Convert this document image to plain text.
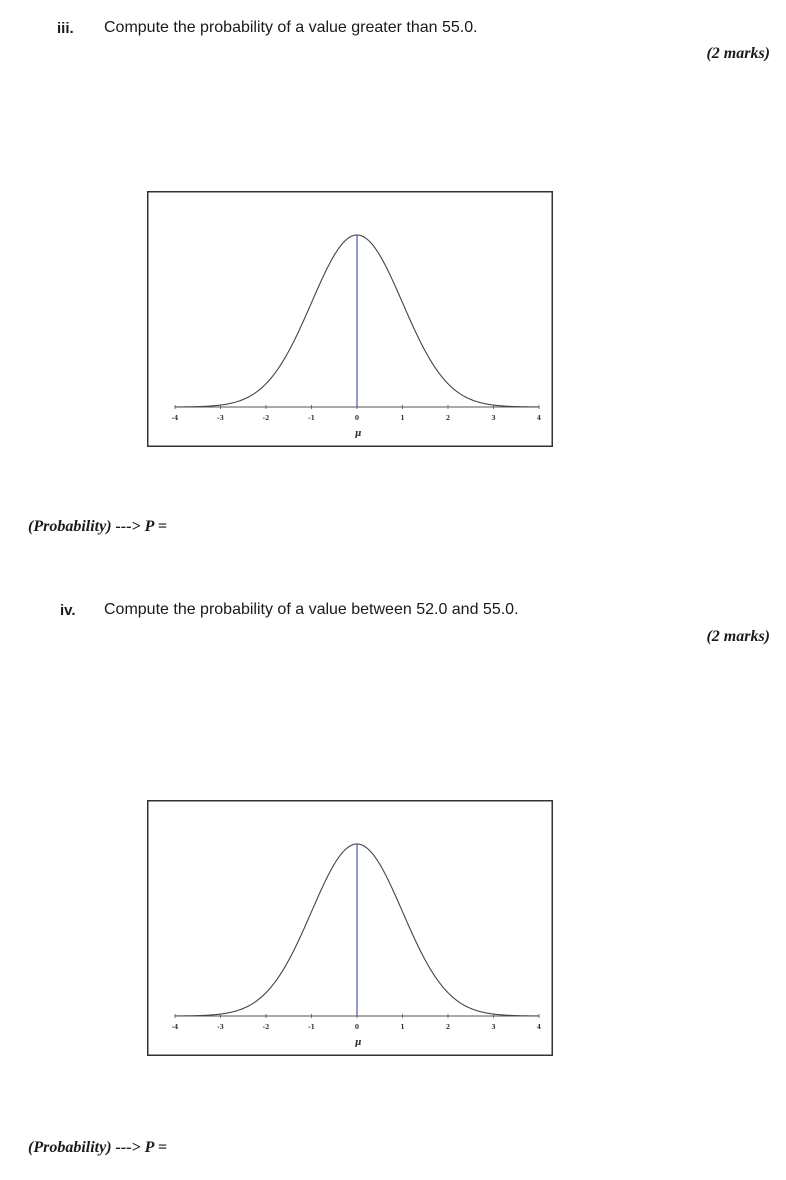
iii. Compute the probability of a value greater than 55.0.
(2 marks)
-4	-3	-2	-1	0	1	2	3	4
μ
(Probability) ---> P =
iv. Compute the probability of a value between 52.0 and 55.0.
(2 marks)
-4	-3	-2	-1	0	1	2	3	4
μ
(Probability) ---> P =
